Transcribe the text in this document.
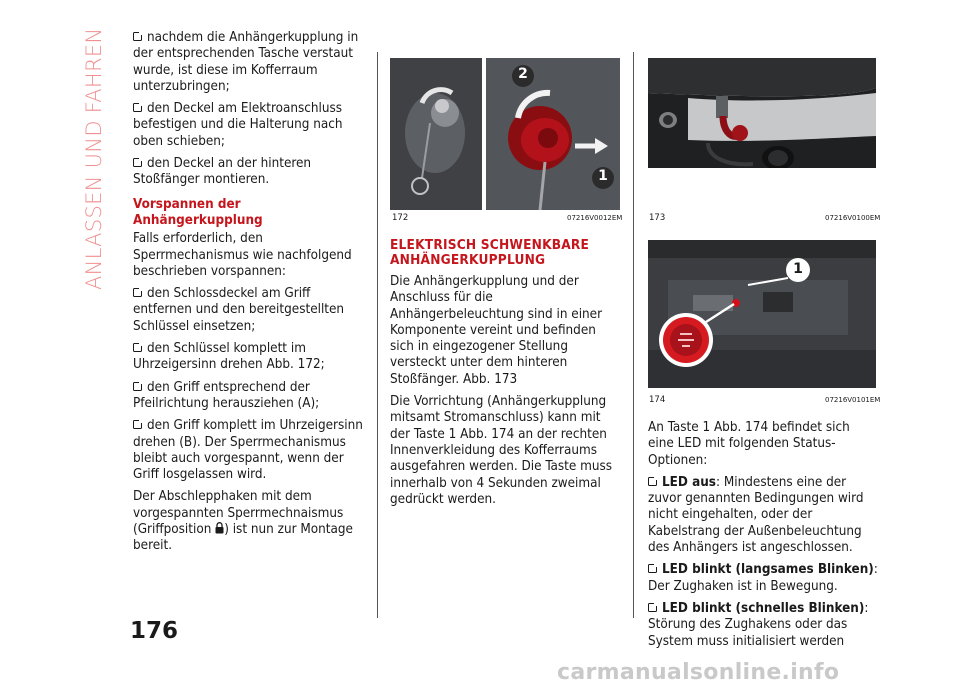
ANLASSEN UND FAHREN	nachdem die Anhängerkupplung in der entsprechenden Tasche verstaut wurde, ist diese im Kofferraum unterzubringen;

den Deckel am Elektroanschluss befestigen und die Halterung nach oben schieben;

den Deckel an der hinteren Stoßfänger montieren.

Vorspannen der Anhängerkupplung

Falls erforderlich, den Sperrmechanismus wie nachfolgend beschrieben vorspannen:

den Schlossdeckel am Griff entfernen und den bereitgestellten Schlüssel einsetzen;

den Schlüssel komplett im Uhrzeigersinn drehen Abb. 172;

den Griff entsprechend der Pfeilrichtung herausziehen (A);

den Griff komplett im Uhrzeigersinn drehen (B). Der Sperrmechanismus bleibt auch vorgespannt, wenn der Griff losgelassen wird.

Der Abschlepphaken mit dem vorgespannten Sperrmechnaismus (Griffposition ) ist nun zur Montage bereit.

2
1
172	07216V0012EM
ELEKTRISCH SCHWENKBARE
ANHÄNGERKUPPLUNG

Die Anhängerkupplung und der Anschluss für die Anhängerbeleuchtung sind in einer Komponente vereint und befinden sich in eingezogener Stellung versteckt unter dem hinteren Stoßfänger. Abb. 173

Die Vorrichtung (Anhängerkupplung mitsamt Stromanschluss) kann mit der Taste 1 Abb. 174 an der rechten Innenverkleidung des Kofferraums ausgefahren werden. Die Taste muss innerhalb von 4 Sekunden zweimal gedrückt werden.

173	07216V0100EM
1
174	07216V0101EM

An Taste 1 Abb. 174 befindet sich eine LED mit folgenden Status-Optionen:

LED aus: Mindestens eine der zuvor genannten Bedingungen wird nicht eingehalten, oder der Kabelstrang der Außenbeleuchtung des Anhängers ist angeschlossen.

LED blinkt (langsames Blinken): Der Zughaken ist in Bewegung.

LED blinkt (schnelles Blinken): Störung des Zughakens oder das System muss initialisiert werden

176
carmanualsonline.info
